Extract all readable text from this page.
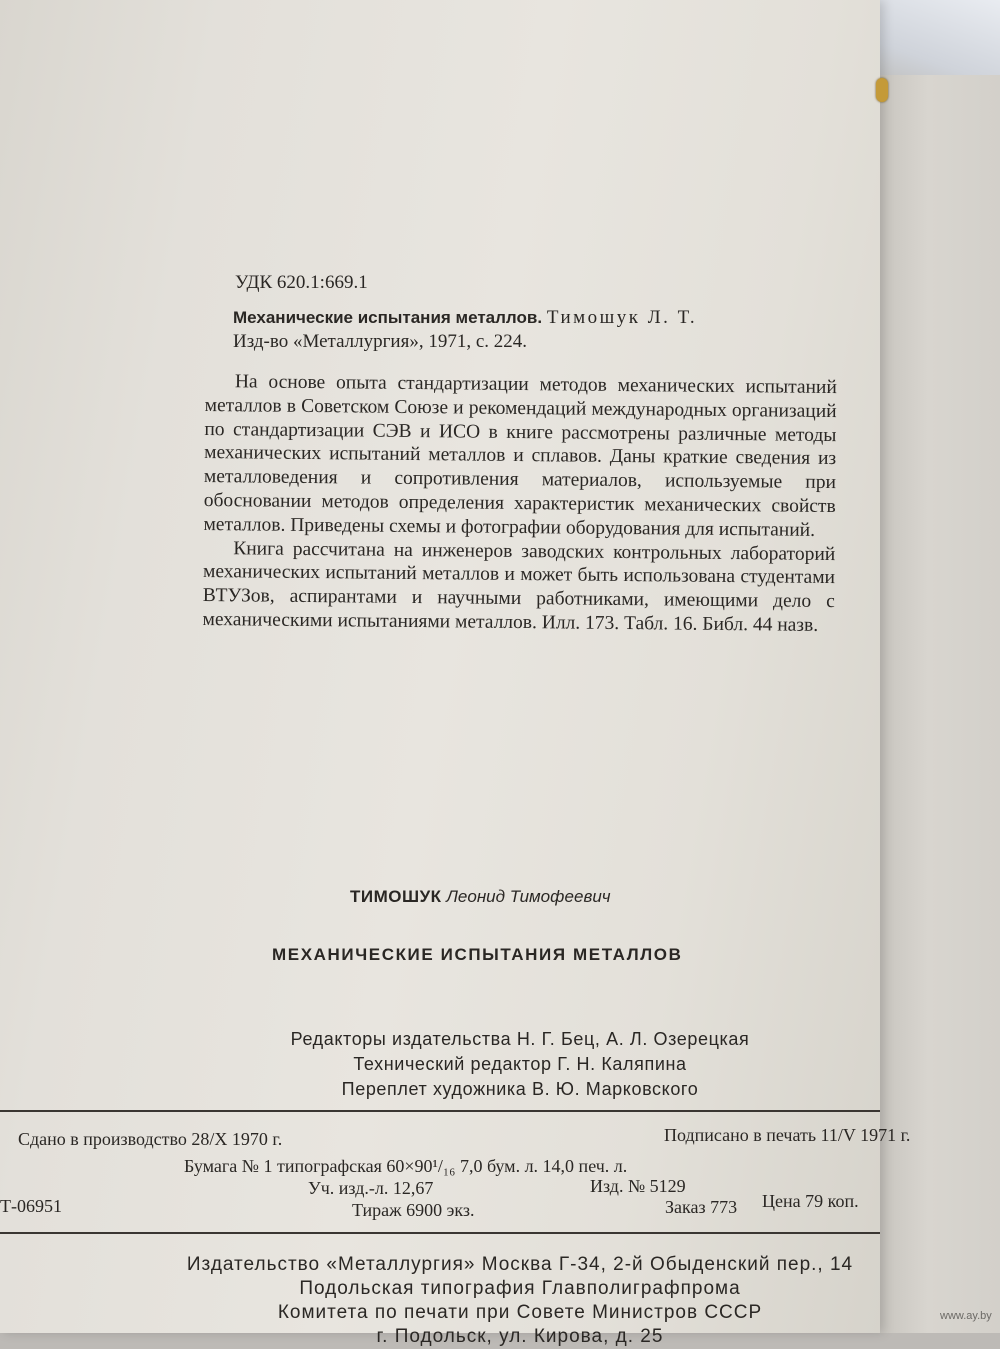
УДК 620.1:669.1
Механические испытания металлов. Тимошук Л. Т.
Изд-во «Металлургия», 1971, с. 224.

На основе опыта стандартизации методов механических испытаний металлов в Советском Союзе и рекомендаций международных организаций по стандартизации СЭВ и ИСО в книге рассмотрены различные методы механических испытаний металлов и сплавов. Даны краткие сведения из металловедения и сопротивления материалов, используемые при обосновании методов определения характеристик механических свойств металлов. Приведены схемы и фотографии оборудования для испытаний.

Книга рассчитана на инженеров заводских контрольных лабораторий механических испытаний металлов и может быть использована студентами ВТУЗов, аспирантами и научными работниками, имеющими дело с механическими испытаниями металлов. Илл. 173. Табл. 16. Библ. 44 назв.

ТИМОШУК Леонид Тимофеевич
МЕХАНИЧЕСКИЕ ИСПЫТАНИЯ МЕТАЛЛОВ
Редакторы издательства Н. Г. Бец, А. Л. Озерецкая
Технический редактор Г. Н. Каляпина
Переплет художника В. Ю. Марковского
Сдано в производство 28/X 1970 г.	Подписано в печать 11/V 1971 г.
Бумага № 1 типографская 60×90¹/₁₆ 7,0 бум. л. 14,0 печ. л.
Уч. изд.-л. 12,67	Изд. № 5129
Т-06951	Тираж 6900 экз.	Заказ 773 Цена 79 коп.
Издательство «Металлургия» Москва Г-34, 2-й Обыденский пер., 14
Подольская типография Главполиграфпрома
Комитета по печати при Совете Министров СССР
г. Подольск, ул. Кирова, д. 25
www.ay.by
